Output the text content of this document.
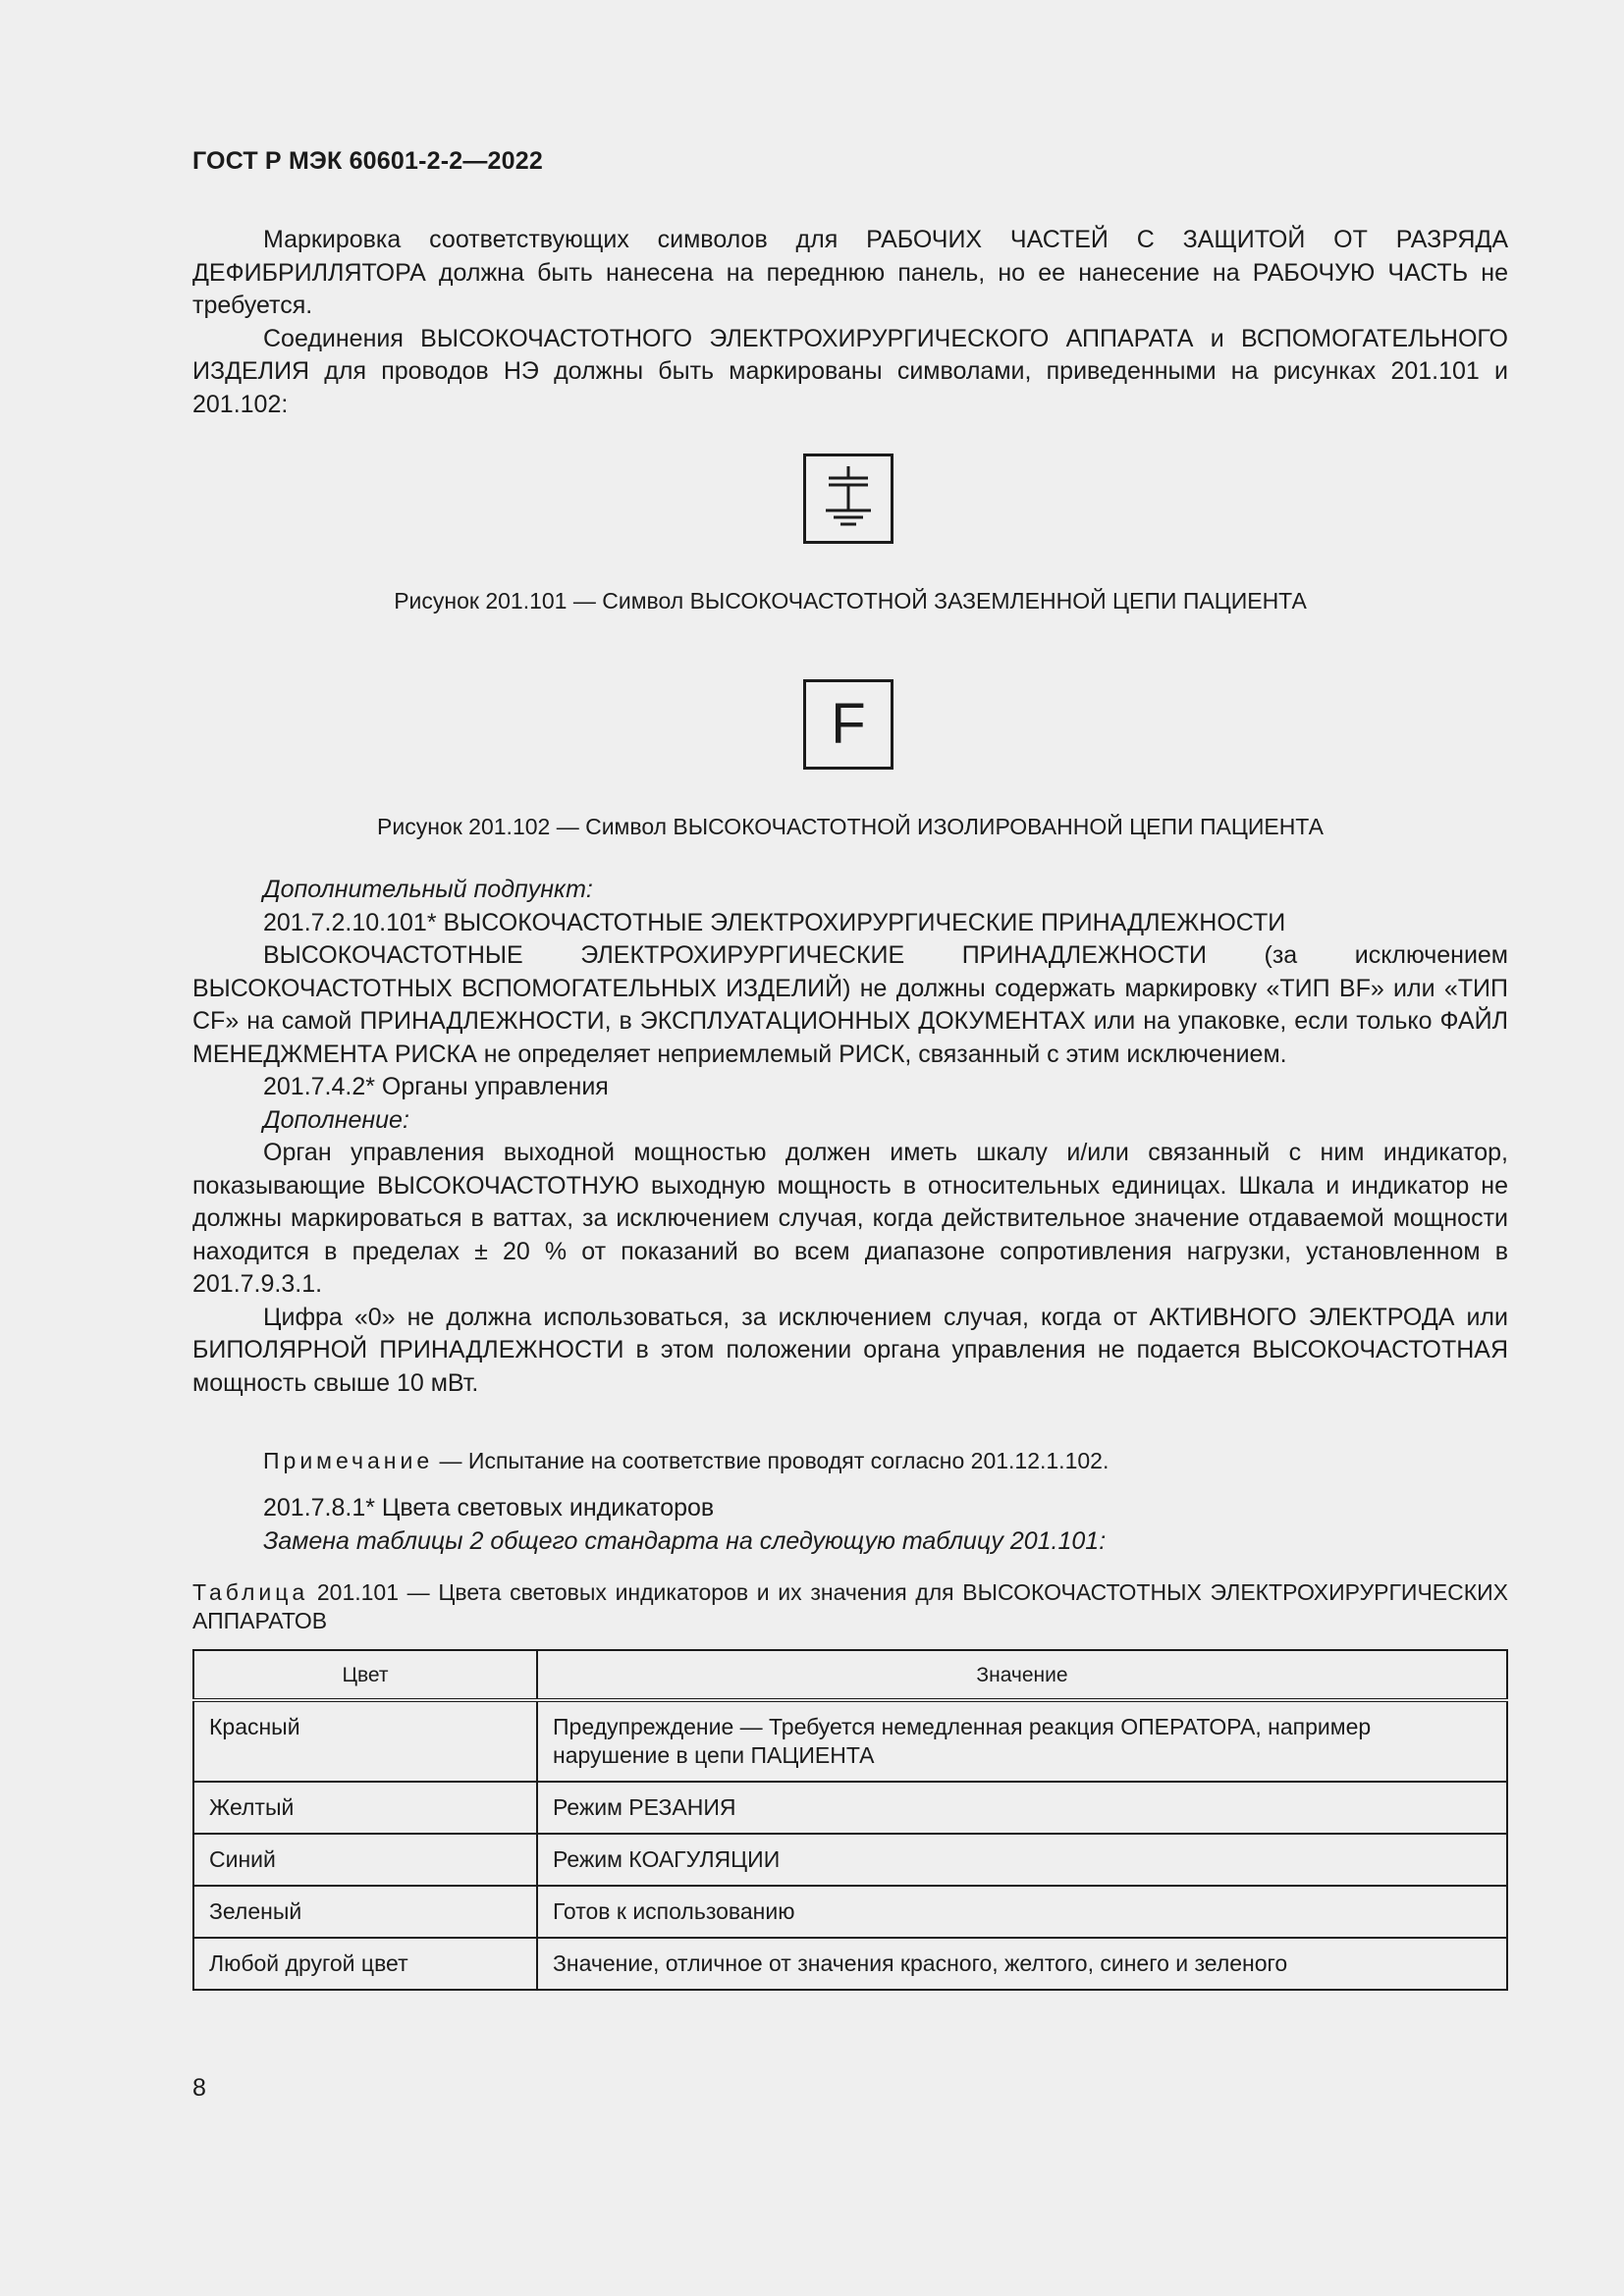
ГОСТ Р МЭК 60601-2-2—2022

Маркировка соответствующих символов для РАБОЧИХ ЧАСТЕЙ С ЗАЩИТОЙ ОТ РАЗРЯДА ДЕФИБРИЛЛЯТОРА должна быть нанесена на переднюю панель, но ее нанесение на РАБОЧУЮ ЧАСТЬ не требуется.

Соединения ВЫСОКОЧАСТОТНОГО ЭЛЕКТРОХИРУРГИЧЕСКОГО АППАРАТА и ВСПОМОГАТЕЛЬНОГО ИЗДЕЛИЯ для проводов НЭ должны быть маркированы символами, приведенными на рисунках 201.101 и 201.102:

Рисунок 201.101 — Символ ВЫСОКОЧАСТОТНОЙ ЗАЗЕМЛЕННОЙ ЦЕПИ ПАЦИЕНТА
F
Рисунок 201.102 — Символ ВЫСОКОЧАСТОТНОЙ ИЗОЛИРОВАННОЙ ЦЕПИ ПАЦИЕНТА

Дополнительный подпункт:

201.7.2.10.101* ВЫСОКОЧАСТОТНЫЕ ЭЛЕКТРОХИРУРГИЧЕСКИЕ ПРИНАДЛЕЖНОСТИ

ВЫСОКОЧАСТОТНЫЕ ЭЛЕКТРОХИРУРГИЧЕСКИЕ ПРИНАДЛЕЖНОСТИ (за исключением ВЫСОКОЧАСТОТНЫХ ВСПОМОГАТЕЛЬНЫХ ИЗДЕЛИЙ) не должны содержать маркировку «ТИП BF» или «ТИП CF» на самой ПРИНАДЛЕЖНОСТИ, в ЭКСПЛУАТАЦИОННЫХ ДОКУМЕНТАХ или на упаковке, если только ФАЙЛ МЕНЕДЖМЕНТА РИСКА не определяет неприемлемый РИСК, связанный с этим исключением.

201.7.4.2* Органы управления

Дополнение:

Орган управления выходной мощностью должен иметь шкалу и/или связанный с ним индикатор, показывающие ВЫСОКОЧАСТОТНУЮ выходную мощность в относительных единицах. Шкала и индикатор не должны маркироваться в ваттах, за исключением случая, когда действительное значение отдаваемой мощности находится в пределах ± 20 % от показаний во всем диапазоне сопротивления нагрузки, установленном в 201.7.9.3.1.

Цифра «0» не должна использоваться, за исключением случая, когда от АКТИВНОГО ЭЛЕКТРОДА или БИПОЛЯРНОЙ ПРИНАДЛЕЖНОСТИ в этом положении органа управления не подается ВЫСОКОЧАСТОТНАЯ мощность свыше 10 мВт.

Примечание — Испытание на соответствие проводят согласно 201.12.1.102.

201.7.8.1* Цвета световых индикаторов

Замена таблицы 2 общего стандарта на следующую таблицу 201.101:

Таблица 201.101 — Цвета световых индикаторов и их значения для ВЫСОКОЧАСТОТНЫХ ЭЛЕКТРОХИРУРГИЧЕСКИХ АППАРАТОВ
Цвет	Значение
Красный	Предупреждение — Требуется немедленная реакция ОПЕРАТОРА, например нарушение в цепи ПАЦИЕНТА
Желтый	Режим РЕЗАНИЯ
Синий	Режим КОАГУЛЯЦИИ
Зеленый	Готов к использованию
Любой другой цвет	Значение, отличное от значения красного, желтого, синего и зеленого
8
